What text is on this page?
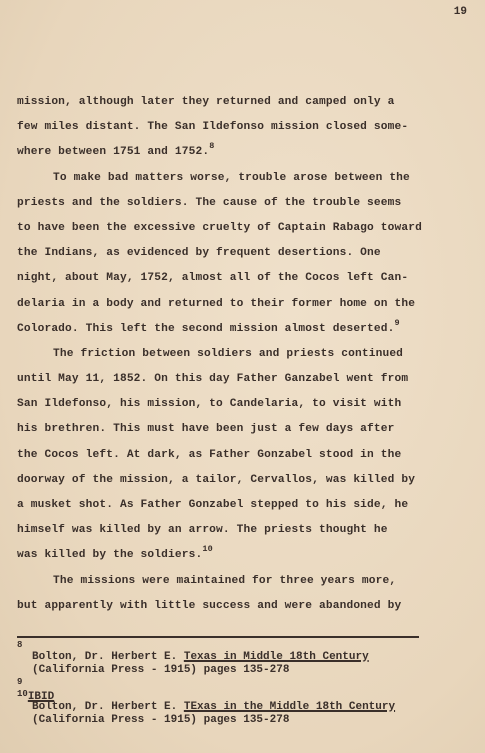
19
mission, although later they returned and camped only a
few miles distant. The San Ildefonso mission closed some-
where between 1751 and 1752.$^8$
To make bad matters worse, trouble arose between the
priests and the soldiers. The cause of the trouble seems
to have been the excessive cruelty of Captain Rabago toward
the Indians, as evidenced by frequent desertions. One
night, about May, 1752, almost all of the Cocos left Can-
delaria in a body and returned to their former home on the
Colorado. This left the second mission almost deserted.$^9$
The friction between soldiers and priests continued
until May 11, 1852. On this day Father Ganzabel went from
San Ildefonso, his mission, to Candelaria, to visit with
his brethren. This must have been just a few days after
the Cocos left. At dark, as Father Gonzabel stood in the
doorway of the mission, a tailor, Cervallos, was killed by
a musket shot. As Father Gonzabel stepped to his side, he
himself was killed by an arrow. The priests thought he
was killed by the soldiers.$^{10}$
The missions were maintained for three years more,
but apparently with little success and were abandoned by
8
Bolton, Dr. Herbert E. Texas in Middle 18th Century
(California Press - 1915) pages 135-278
9
$^{10}$IBID
Bolton, Dr. Herbert E. TExas in the Middle 18th Century
(California Press - 1915) pages 135-278
